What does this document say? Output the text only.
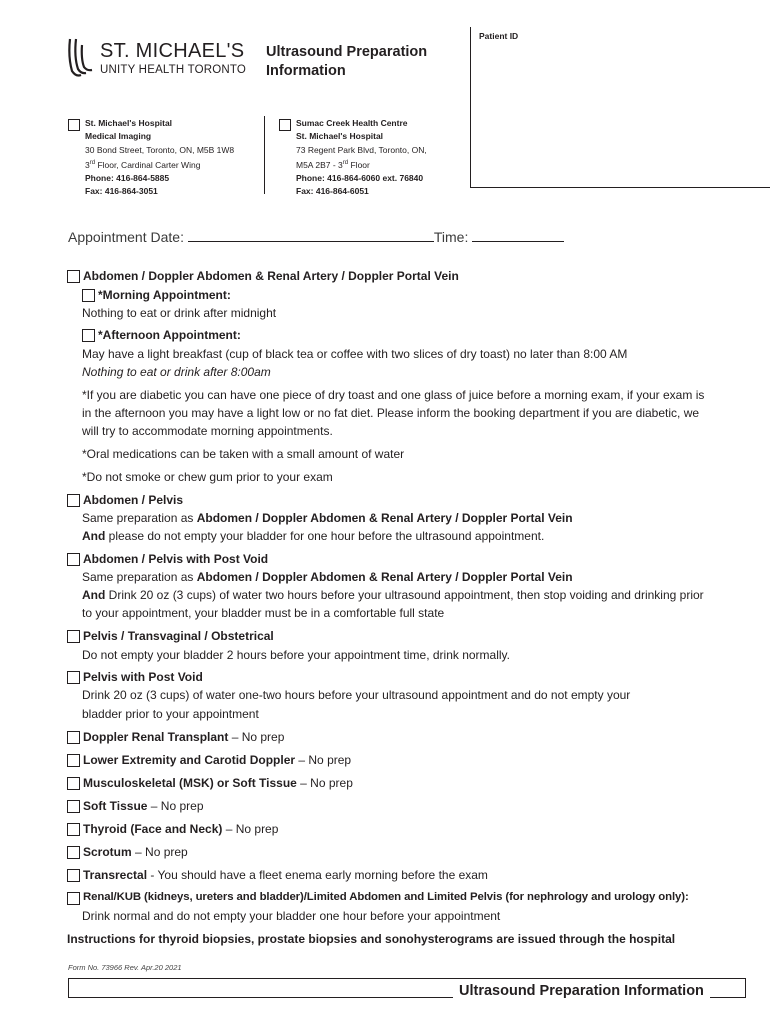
ST. MICHAEL'S
UNITY HEALTH TORONTO
Ultrasound Preparation
Information
Patient ID
St. Michael's Hospital
Medical Imaging
30 Bond Street, Toronto, ON, M5B 1W8
3rd Floor, Cardinal Carter Wing
Phone: 416-864-5885
Fax: 416-864-3051
Sumac Creek Health Centre
St. Michael's Hospital
73 Regent Park Blvd, Toronto, ON,
M5A 2B7 - 3rd Floor
Phone: 416-864-6060 ext. 76840
Fax: 416-864-6051
Appointment Date:	Time:
Abdomen / Doppler Abdomen & Renal Artery / Doppler Portal Vein
*Morning Appointment:
Nothing to eat or drink after midnight
*Afternoon Appointment:
May have a light breakfast (cup of black tea or coffee with two slices of dry toast) no later than 8:00 AM
Nothing to eat or drink after 8:00am
*If you are diabetic you can have one piece of dry toast and one glass of juice before a morning exam, if your exam is
in the afternoon you may have a light low or no fat diet. Please inform the booking department if you are diabetic, we
will try to accommodate morning appointments.
*Oral medications can be taken with a small amount of water
*Do not smoke or chew gum prior to your exam
Abdomen / Pelvis
Same preparation as Abdomen / Doppler Abdomen & Renal Artery / Doppler Portal Vein
And please do not empty your bladder for one hour before the ultrasound appointment.
Abdomen / Pelvis with Post Void
Same preparation as Abdomen / Doppler Abdomen & Renal Artery / Doppler Portal Vein
And Drink 20 oz (3 cups) of water two hours before your ultrasound appointment, then stop voiding and drinking prior
to your appointment, your bladder must be in a comfortable full state
Pelvis / Transvaginal / Obstetrical
Do not empty your bladder 2 hours before your appointment time, drink normally.
Pelvis with Post Void
Drink 20 oz (3 cups) of water one-two hours before your ultrasound appointment and do not empty your
bladder prior to your appointment
Doppler Renal Transplant – No prep
Lower Extremity and Carotid Doppler – No prep
Musculoskeletal (MSK) or Soft Tissue – No prep
Soft Tissue – No prep
Thyroid (Face and Neck) – No prep
Scrotum – No prep
Transrectal - You should have a fleet enema early morning before the exam
Renal/KUB (kidneys, ureters and bladder)/Limited Abdomen and Limited Pelvis (for nephrology and urology only):
Drink normal and do not empty your bladder one hour before your appointment
Instructions for thyroid biopsies, prostate biopsies and sonohysterograms are issued through the hospital
Form No. 73966 Rev. Apr.20 2021
Ultrasound Preparation Information
